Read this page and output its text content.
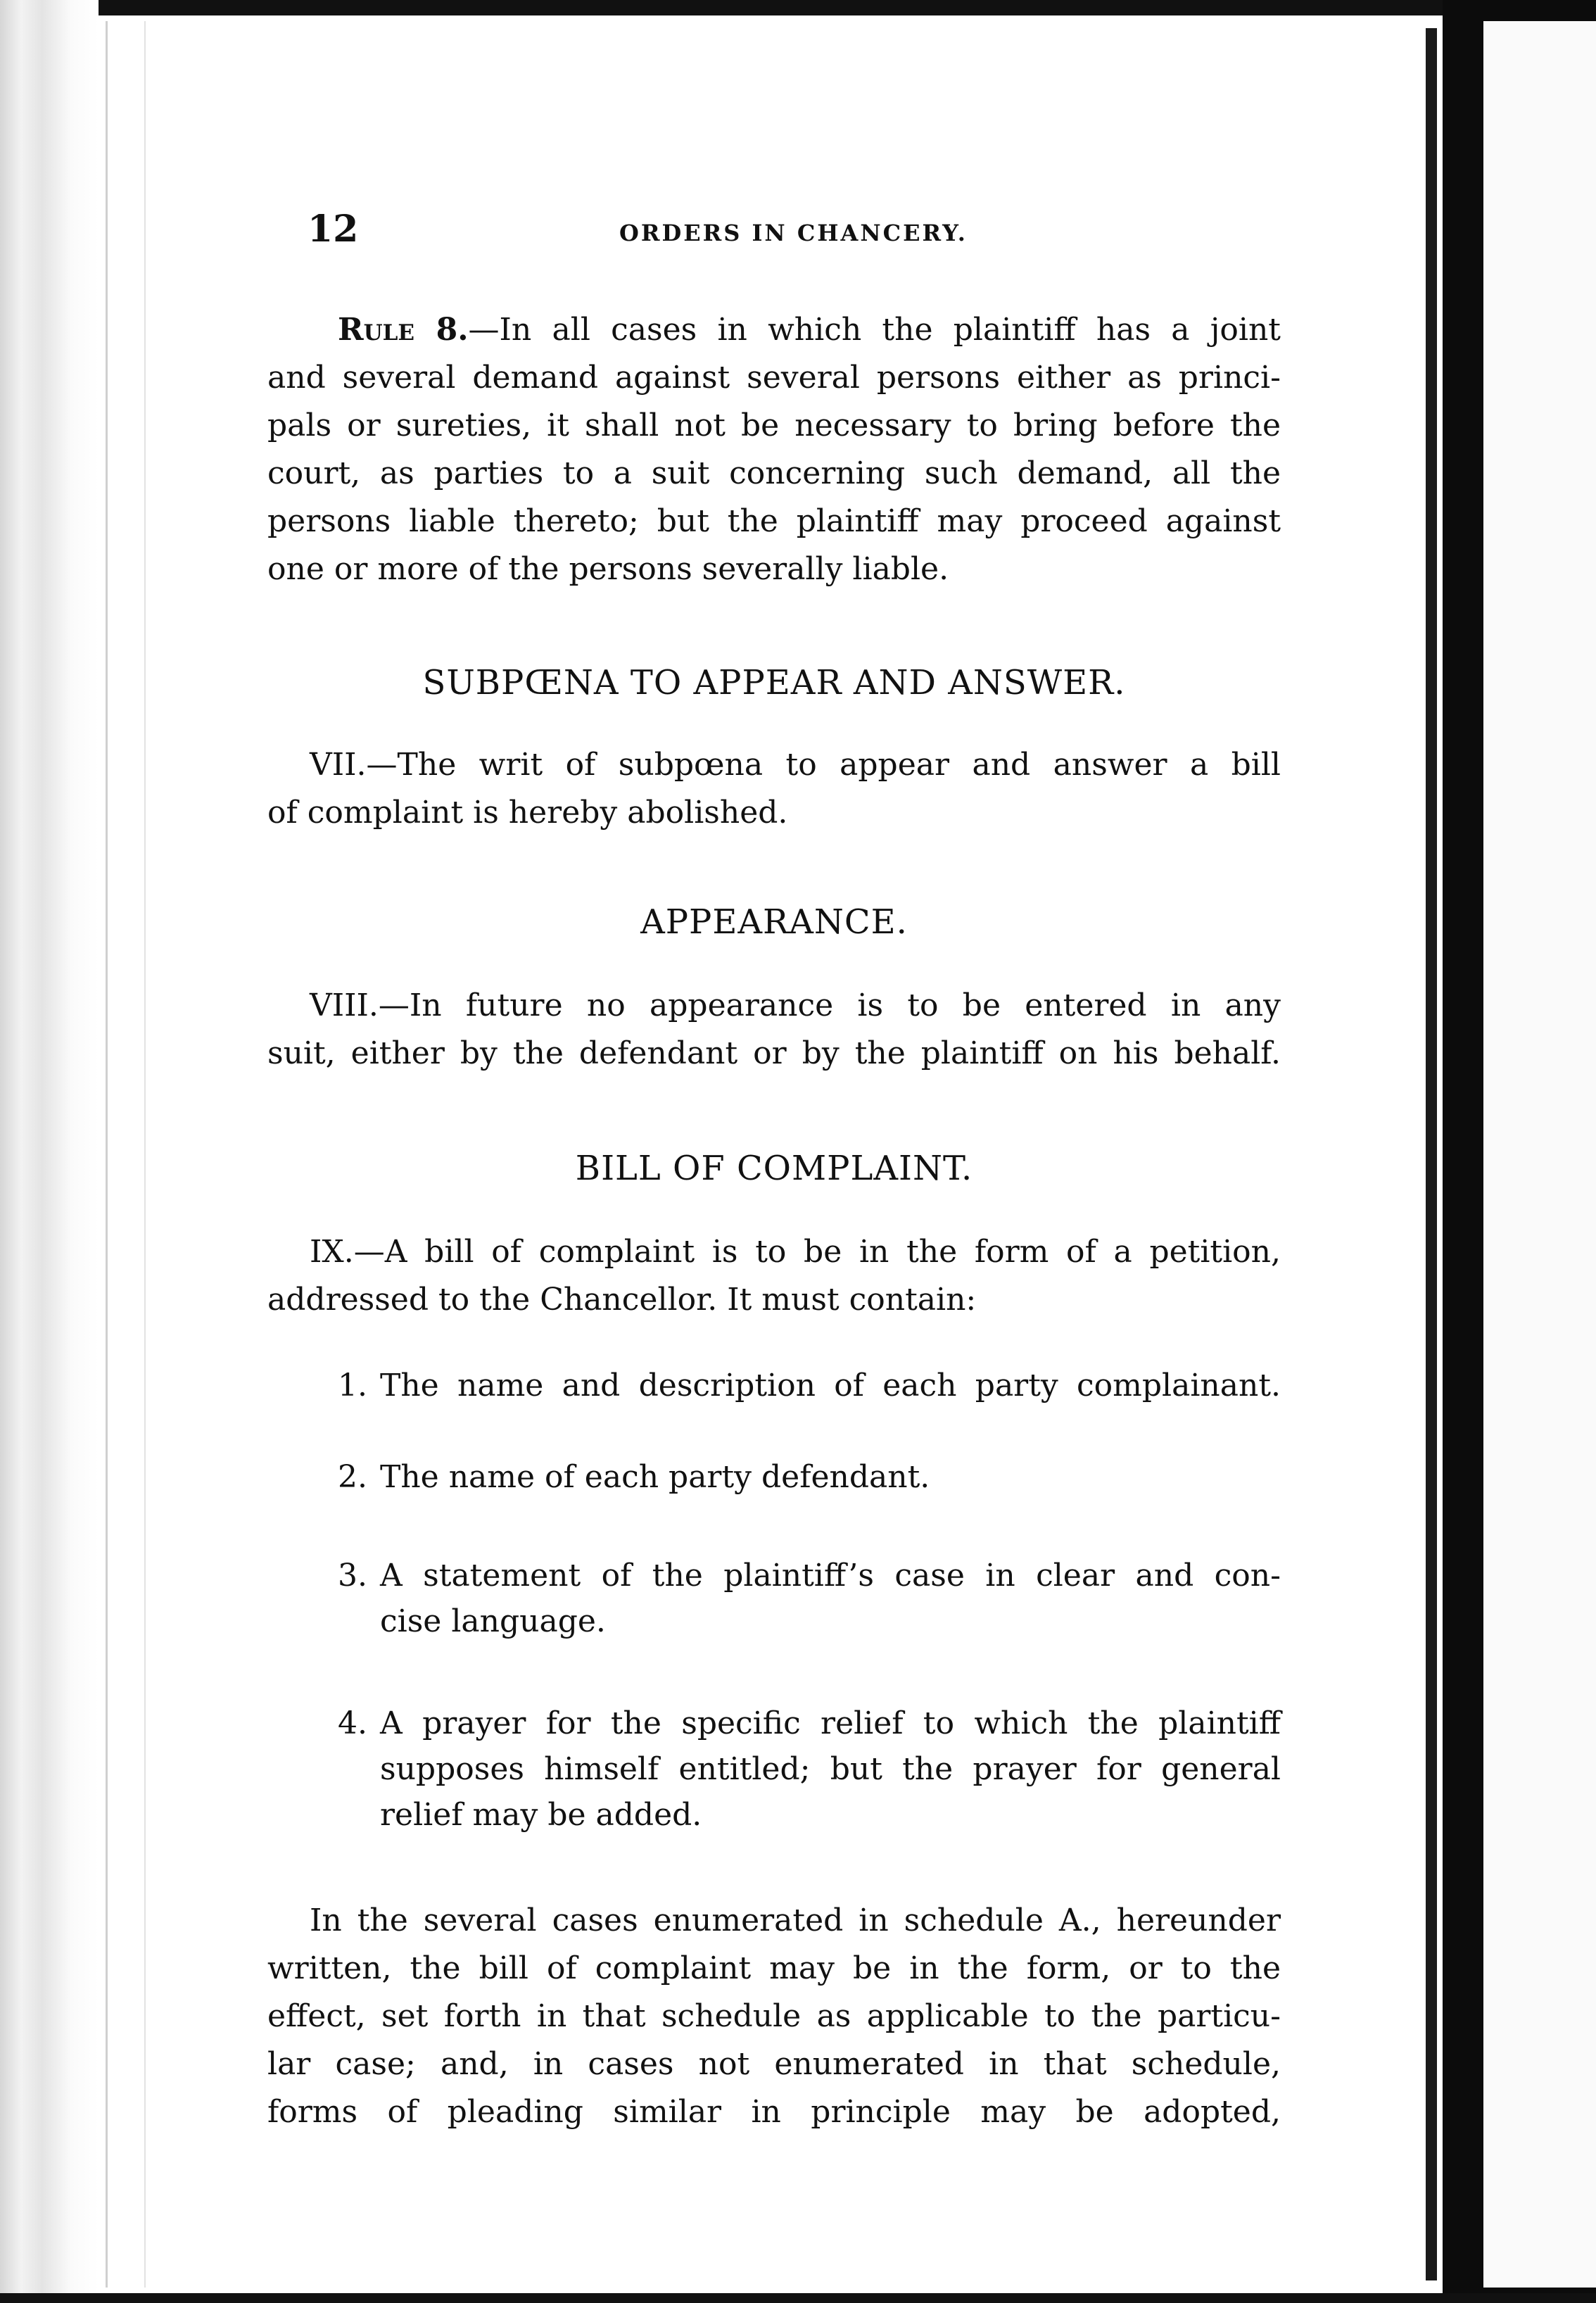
12	ORDERS IN CHANCERY.
Rule 8.—In all cases in which the plaintiff has a joint
and several demand against several persons either as princi-
pals or sureties, it shall not be necessary to bring before the
court, as parties to a suit concerning such demand, all the
persons liable thereto; but the plaintiff may proceed against
one or more of the persons severally liable.
SUBPŒNA TO APPEAR AND ANSWER.
VII.—The writ of subpœna to appear and answer a bill
of complaint is hereby abolished.
APPEARANCE.
VIII.—In future no appearance is to be entered in any
suit, either by the defendant or by the plaintiff on his behalf.
BILL OF COMPLAINT.
IX.—A bill of complaint is to be in the form of a petition,
addressed to the Chancellor. It must contain:
1. The name and description of each party complainant.
2. The name of each party defendant.
3. A statement of the plaintiff’s case in clear and con-
cise language.
4. A prayer for the specific relief to which the plaintiff
supposes himself entitled; but the prayer for general
relief may be added.
In the several cases enumerated in schedule A., hereunder
written, the bill of complaint may be in the form, or to the
effect, set forth in that schedule as applicable to the particu-
lar case; and, in cases not enumerated in that schedule,
forms of pleading similar in principle may be adopted,
